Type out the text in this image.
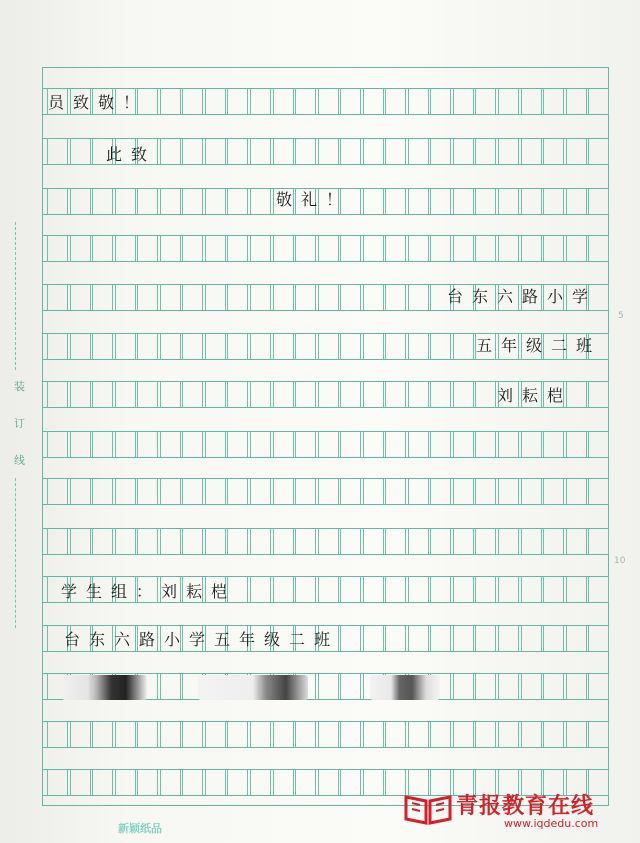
装
订
线
5
10
员致敬！
此致
敬礼！
台东六路小学
五年级二班
刘耘桤
学生组：刘耘桤
台东六路小学五年级二班
新颖纸品
青报教育在线
www.iqdedu.com
